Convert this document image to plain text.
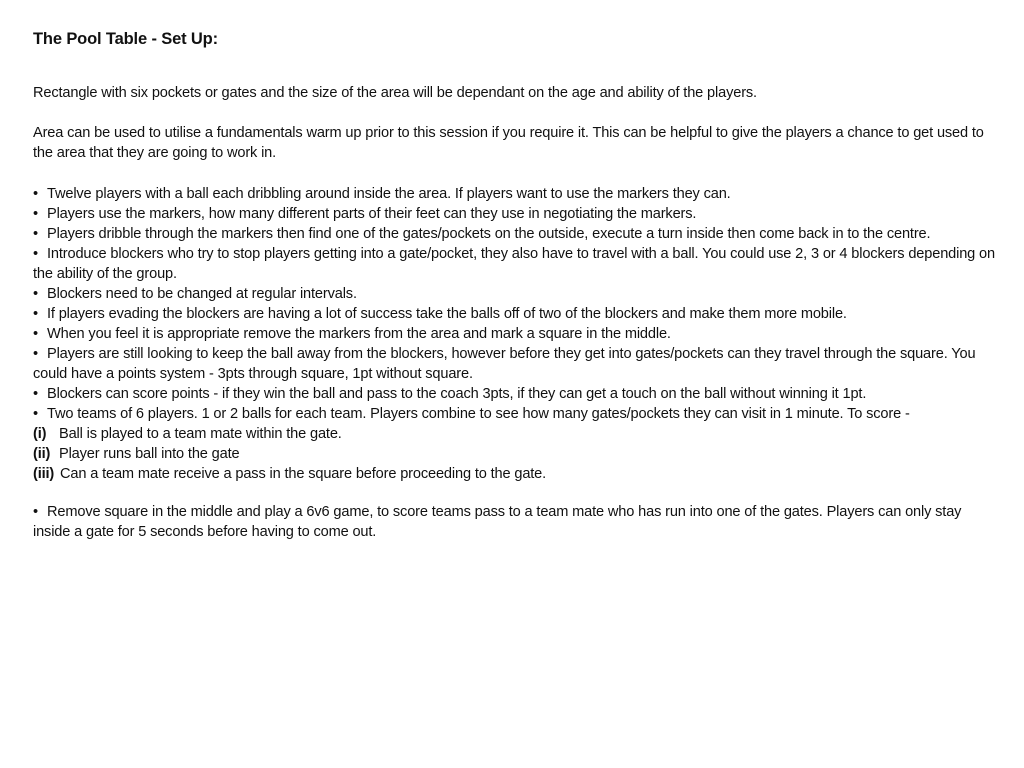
The Pool Table - Set Up:

Rectangle with six pockets or gates and the size of the area will be dependant on the age and ability of the players.

Area can be used to utilise a fundamentals warm up prior to this session if you require it. This can be helpful to give the players a chance to get used to the area that they are going to work in.

• Twelve players with a ball each dribbling around inside the area. If players want to use the markers they can.

• Players use the markers, how many different parts of their feet can they use in negotiating the markers.

• Players dribble through the markers then find one of the gates/pockets on the outside, execute a turn inside then come back in to the centre.

• Introduce blockers who try to stop players getting into a gate/pocket, they also have to travel with a ball. You could use 2, 3 or 4 blockers depending on the ability of the group.

• Blockers need to be changed at regular intervals.

• If players evading the blockers are having a lot of success take the balls off of two of the blockers and make them more mobile.

• When you feel it is appropriate remove the markers from the area and mark a square in the middle.

• Players are still looking to keep the ball away from the blockers, however before they get into gates/pockets can they travel through the square. You could have a points system - 3pts through square, 1pt without square.

• Blockers can score points - if they win the ball and pass to the coach 3pts, if they can get a touch on the ball without winning it 1pt.

• Two teams of 6 players. 1 or 2 balls for each team. Players combine to see how many gates/pockets they can visit in 1 minute. To score -

(i) Ball is played to a team mate within the gate.

(ii) Player runs ball into the gate

(iii) Can a team mate receive a pass in the square before proceeding to the gate.

• Remove square in the middle and play a 6v6 game, to score teams pass to a team mate who has run into one of the gates. Players can only stay inside a gate for 5 seconds before having to come out.
